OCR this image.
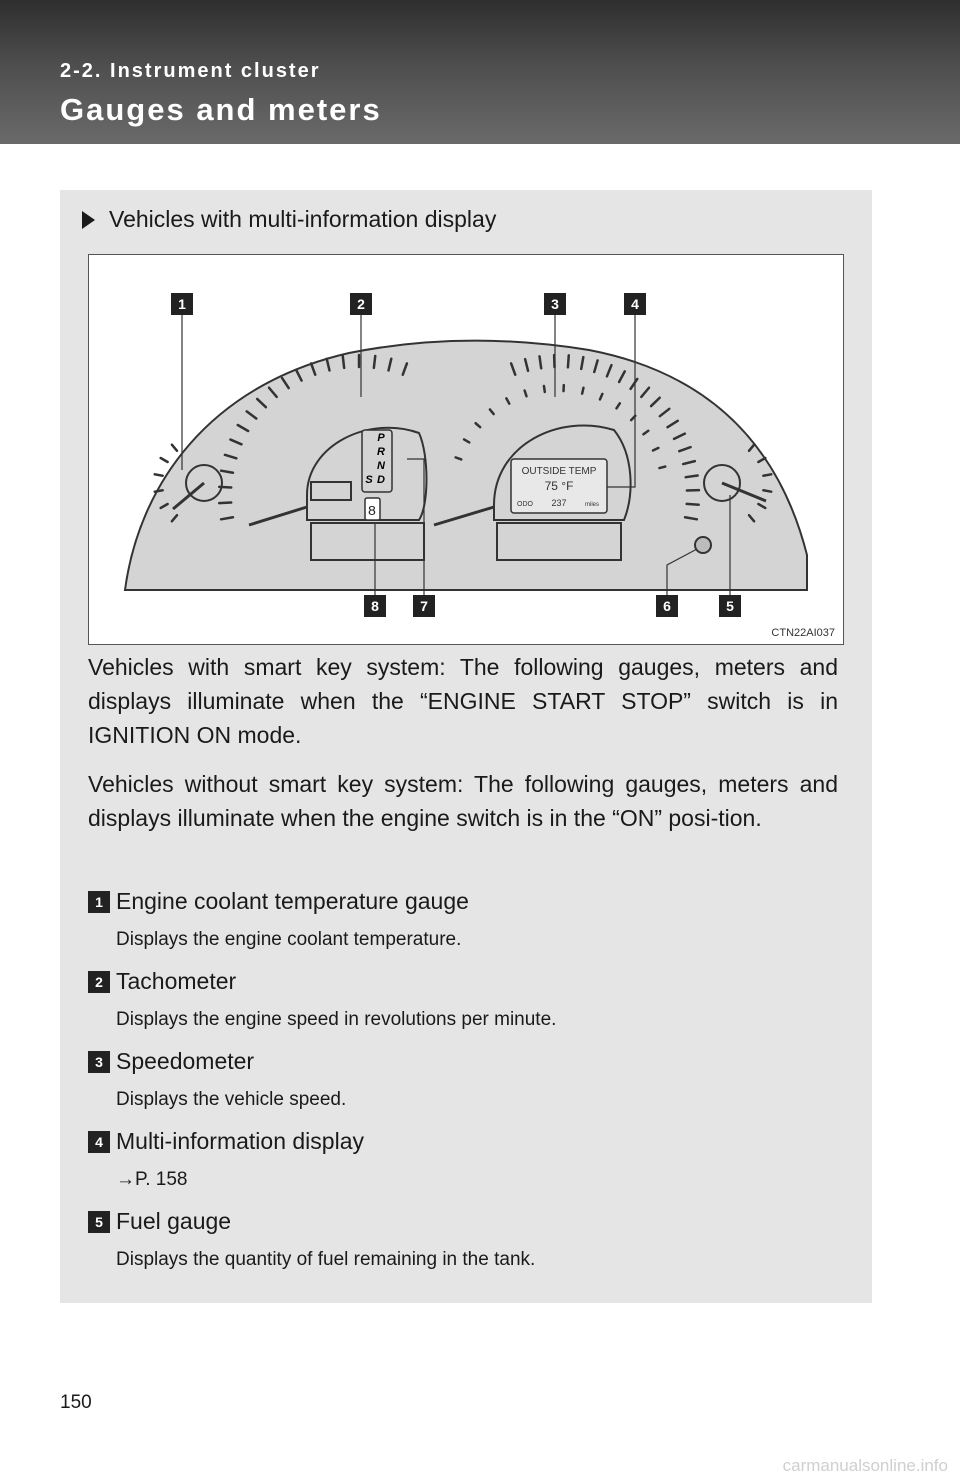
2-2. Instrument cluster
Gauges and meters
Vehicles with multi-information display
8
P
R
N
D
S
OUTSIDE TEMP
75 °F
ODO 237	miles
1	2	3	4
5
6
7
8
CTN22AI037
Vehicles with smart key system: The following gauges, meters and displays illuminate when the “ENGINE START STOP” switch is in IGNITION ON mode.
Vehicles without smart key system: The following gauges, meters and displays illuminate when the engine switch is in the “ON” posi-tion.
1 Engine coolant temperature gauge
Displays the engine coolant temperature.
2 Tachometer
Displays the engine speed in revolutions per minute.
3 Speedometer
Displays the vehicle speed.
4 Multi-information display
→P. 158
5 Fuel gauge
Displays the quantity of fuel remaining in the tank.
150
carmanualsonline.info
